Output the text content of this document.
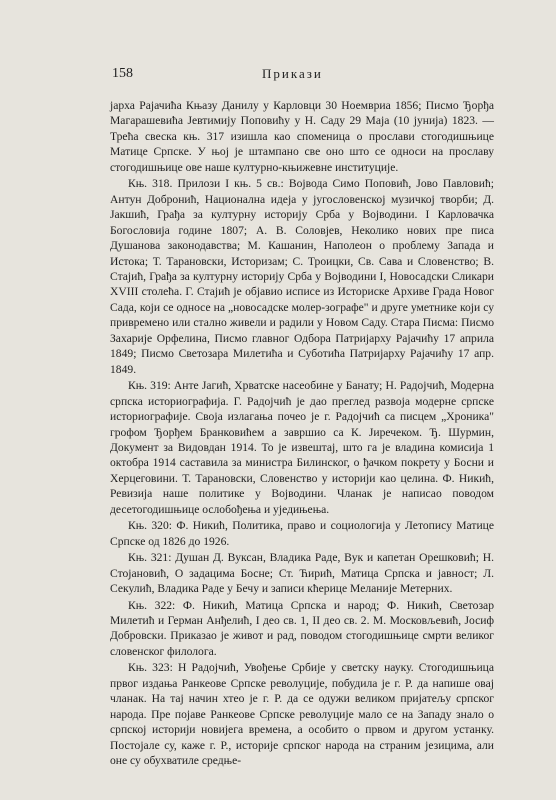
158	Прикази

јарха Рајачића Књазу Данилу у Карловци 30 Ноемвриа 1856; Писмо Ђорђа Магарашевића Јевтимију Поповићу у Н. Саду 29 Маја (10 јунија) 1823. — Трећа свеска књ. 317 изишла као споменица о прослави стогодишњице Матице Српске. У њој је штампано све оно што се односи на прославу стогодишњице ове наше културно-књижевне институције.

Књ. 318. Прилози І књ. 5 св.: Војвода Симо Поповић, Јово Павловић; Антун Добронић, Национална идеја у југословенској музичкој творби; Д. Јакшић, Грађа за културну историју Срба у Војводини. I Карловачка Богословија године 1807; А. В. Соловјев, Неколико нових пре писа Душанова законодавства; М. Кашанин, Наполеон о проблему Запада и Истока; Т. Тарановски, Историзам; С. Троицки, Св. Сава и Словенство; В. Стајић, Грађа за културну историју Срба у Војводини I, Новосадски Сликари XVIII столећа. Г. Стајић је објавио исписе из Историске Архиве Града Новог Сада, који се односе на „новосадске молер-зографе" и друге уметнике који су привремено или стално живели и радили у Новом Саду. Стара Писма: Писмо Захарије Орфелина, Писмо главног Одбора Патријарху Рајачићу 17 априла 1849; Писмо Светозара Милетића и Суботића Патријарху Рајачићу 17 апр. 1849.

Књ. 319: Анте Јагић, Хрватске насеобине у Банату; Н. Радојчић, Модерна српска историографија. Г. Радојчић је дао преглед развоја модерне српске историографије. Своја излагања почео је г. Радојчић са писцем „Хроника" грофом Ђорђем Бранковићем а завршио са К. Јиречеком. Ђ. Шурмин, Документ за Видовдан 1914. То је извештај, што га је владина комисија 1 октобра 1914 саставила за министра Билинског, о ђачком покрету у Босни и Херцеговини. Т. Тарановски, Словенство у историји као целина. Ф. Никић, Ревизија наше политике у Војводини. Чланак је написао поводом десетогодишњице ослобођења и уједињења.

Књ. 320: Ф. Никић, Политика, право и социологија у Летопису Матице Српске од 1826 до 1926.

Књ. 321: Душан Д. Вуксан, Владика Раде, Вук и капетан Орешковић; Н. Стојановић, О задацима Босне; Ст. Ћирић, Матица Српска и јавност; Л. Секулић, Владика Раде у Бечу и записи кћерице Меланије Метерних.

Књ. 322: Ф. Никић, Матица Српска и народ; Ф. Никић, Светозар Милетић и Герман Анђелић, I део св. 1, II део св. 2. М. Московљевић, Јосиф Добровски. Приказао је живот и рад, поводом стогодишњице смрти великог словенског филолога.

Књ. 323: Н Радојчић, Увођење Србије у светску науку. Стогодишњица првог издања Ранкеове Српске револуције, побудила је г. Р. да напише овај чланак. На тај начин хтео је г. Р. да се одужи великом пријатељу српског народа. Пре појаве Ранкеове Српске револуције мало се на Западу знало о српској историји новијега времена, а особито о првом и другом устанку. Постојале су, каже г. Р., историје српског народа на страним језицима, али оне су обухватиле средње-
